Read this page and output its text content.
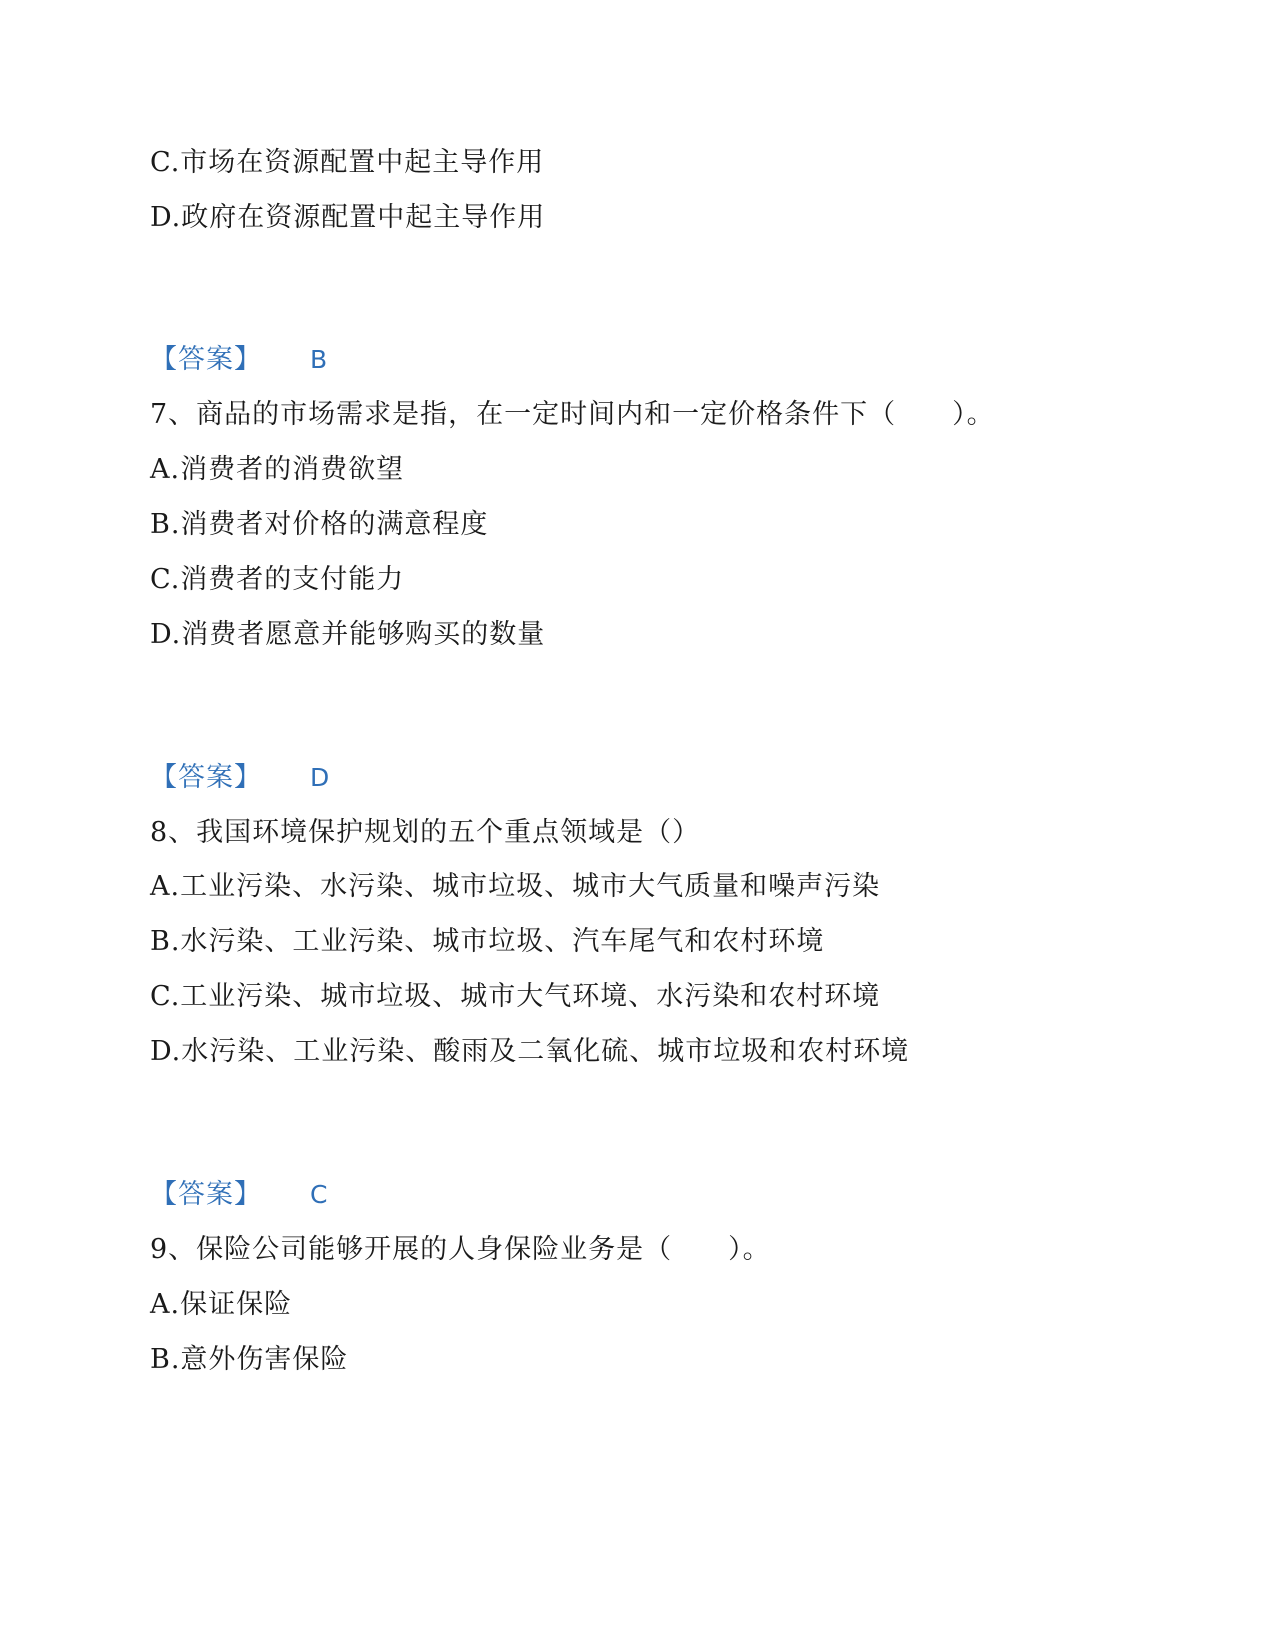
C.市场在资源配置中起主导作用
D.政府在资源配置中起主导作用
【答案】 B
7、商品的市场需求是指，在一定时间内和一定价格条件下（　　）。
A.消费者的消费欲望
B.消费者对价格的满意程度
C.消费者的支付能力
D.消费者愿意并能够购买的数量
【答案】 D
8、我国环境保护规划的五个重点领域是（）
A.工业污染、水污染、城市垃圾、城市大气质量和噪声污染
B.水污染、工业污染、城市垃圾、汽车尾气和农村环境
C.工业污染、城市垃圾、城市大气环境、水污染和农村环境
D.水污染、工业污染、酸雨及二氧化硫、城市垃圾和农村环境
【答案】 C
9、保险公司能够开展的人身保险业务是（　　）。
A.保证保险
B.意外伤害保险
